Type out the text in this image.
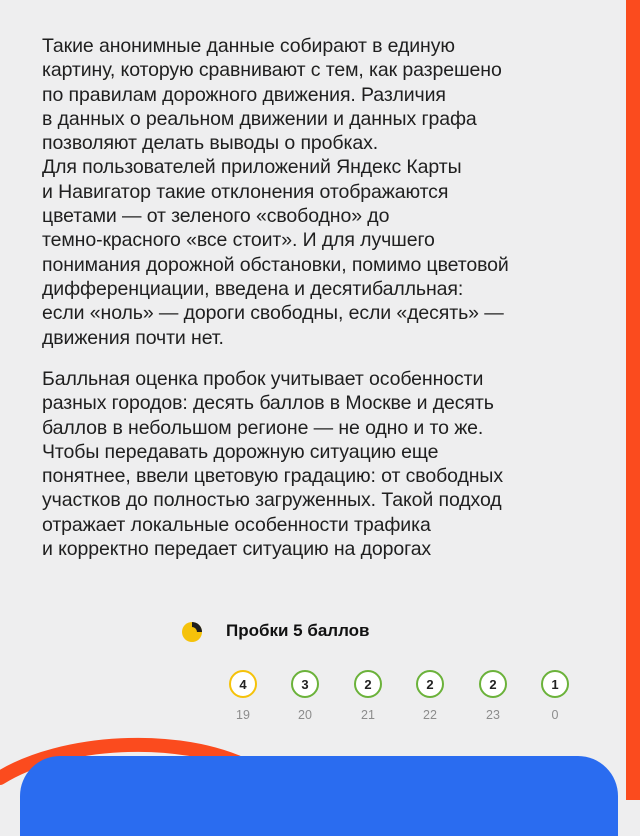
Такие анонимные данные собирают в единую
картину, которую сравнивают с тем, как разрешено
по правилам дорожного движения. Различия
в данных о реальном движении и данных графа
позволяют делать выводы о пробках.
Для пользователей приложений Яндекс Карты
и Навигатор такие отклонения отображаются
цветами — от зеленого «свободно» до
темно-красного «все стоит». И для лучшего
понимания дорожной обстановки, помимо цветовой
дифференциации, введена и десятибалльная:
если «ноль» — дороги свободны, если «десять» —
движения почти нет.

Балльная оценка пробок учитывает особенности
разных городов: десять баллов в Москве и десять
баллов в небольшом регионе — не одно и то же.
Чтобы передавать дорожную ситуацию еще
понятнее, ввели цветовую градацию: от свободных
участков до полностью загруженных. Такой подход
отражает локальные особенности трафика
и корректно передает ситуацию на дорогах

Пробки 5 баллов
4
19
3
20
2
21
2
22
2
23
1
0
